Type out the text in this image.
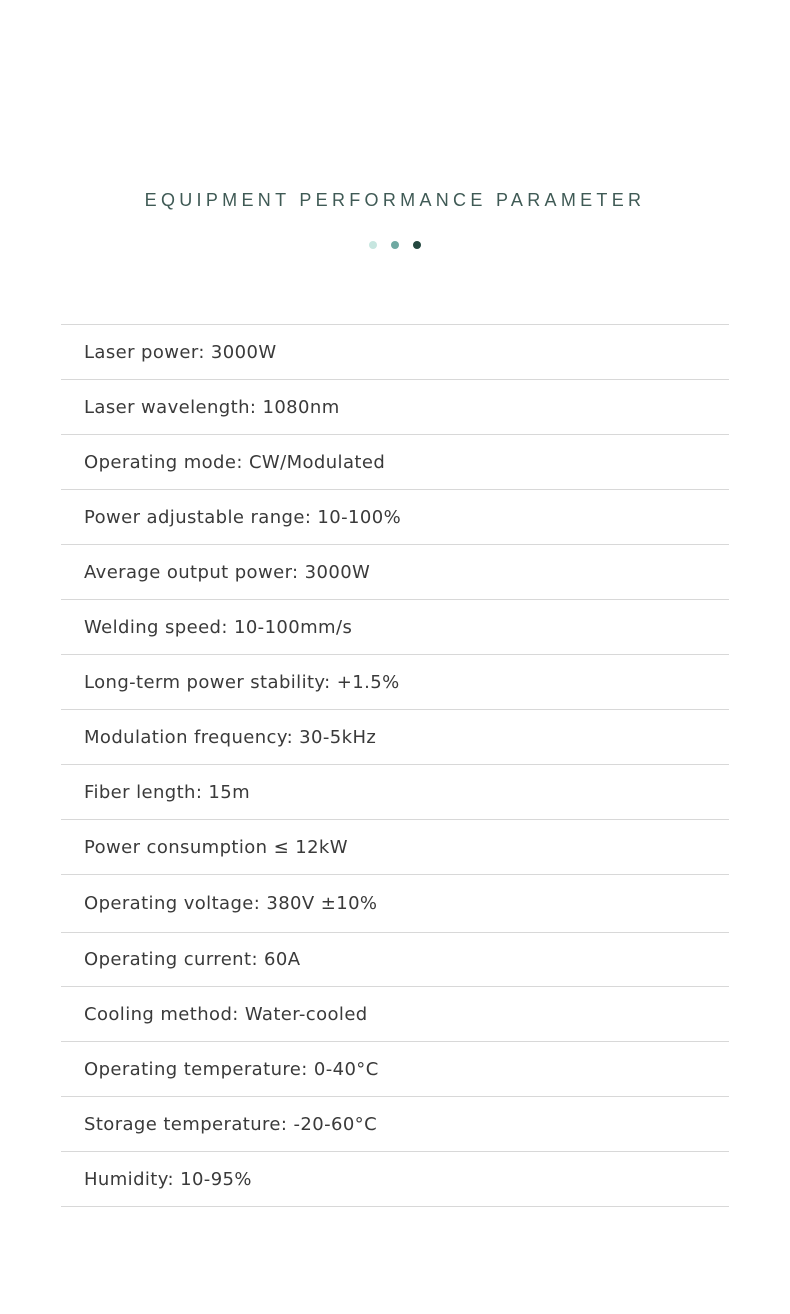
EQUIPMENT PERFORMANCE PARAMETER
Laser power: 3000W
Laser wavelength: 1080nm
Operating mode: CW/Modulated
Power adjustable range: 10-100%
Average output power: 3000W
Welding speed: 10-100mm/s
Long-term power stability: +1.5%
Modulation frequency: 30-5kHz
Fiber length: 15m
Power consumption ≤ 12kW
Operating voltage: 380V ±10%
Operating current: 60A
Cooling method: Water-cooled
Operating temperature: 0-40°C
Storage temperature: -20-60°C
Humidity: 10-95%
